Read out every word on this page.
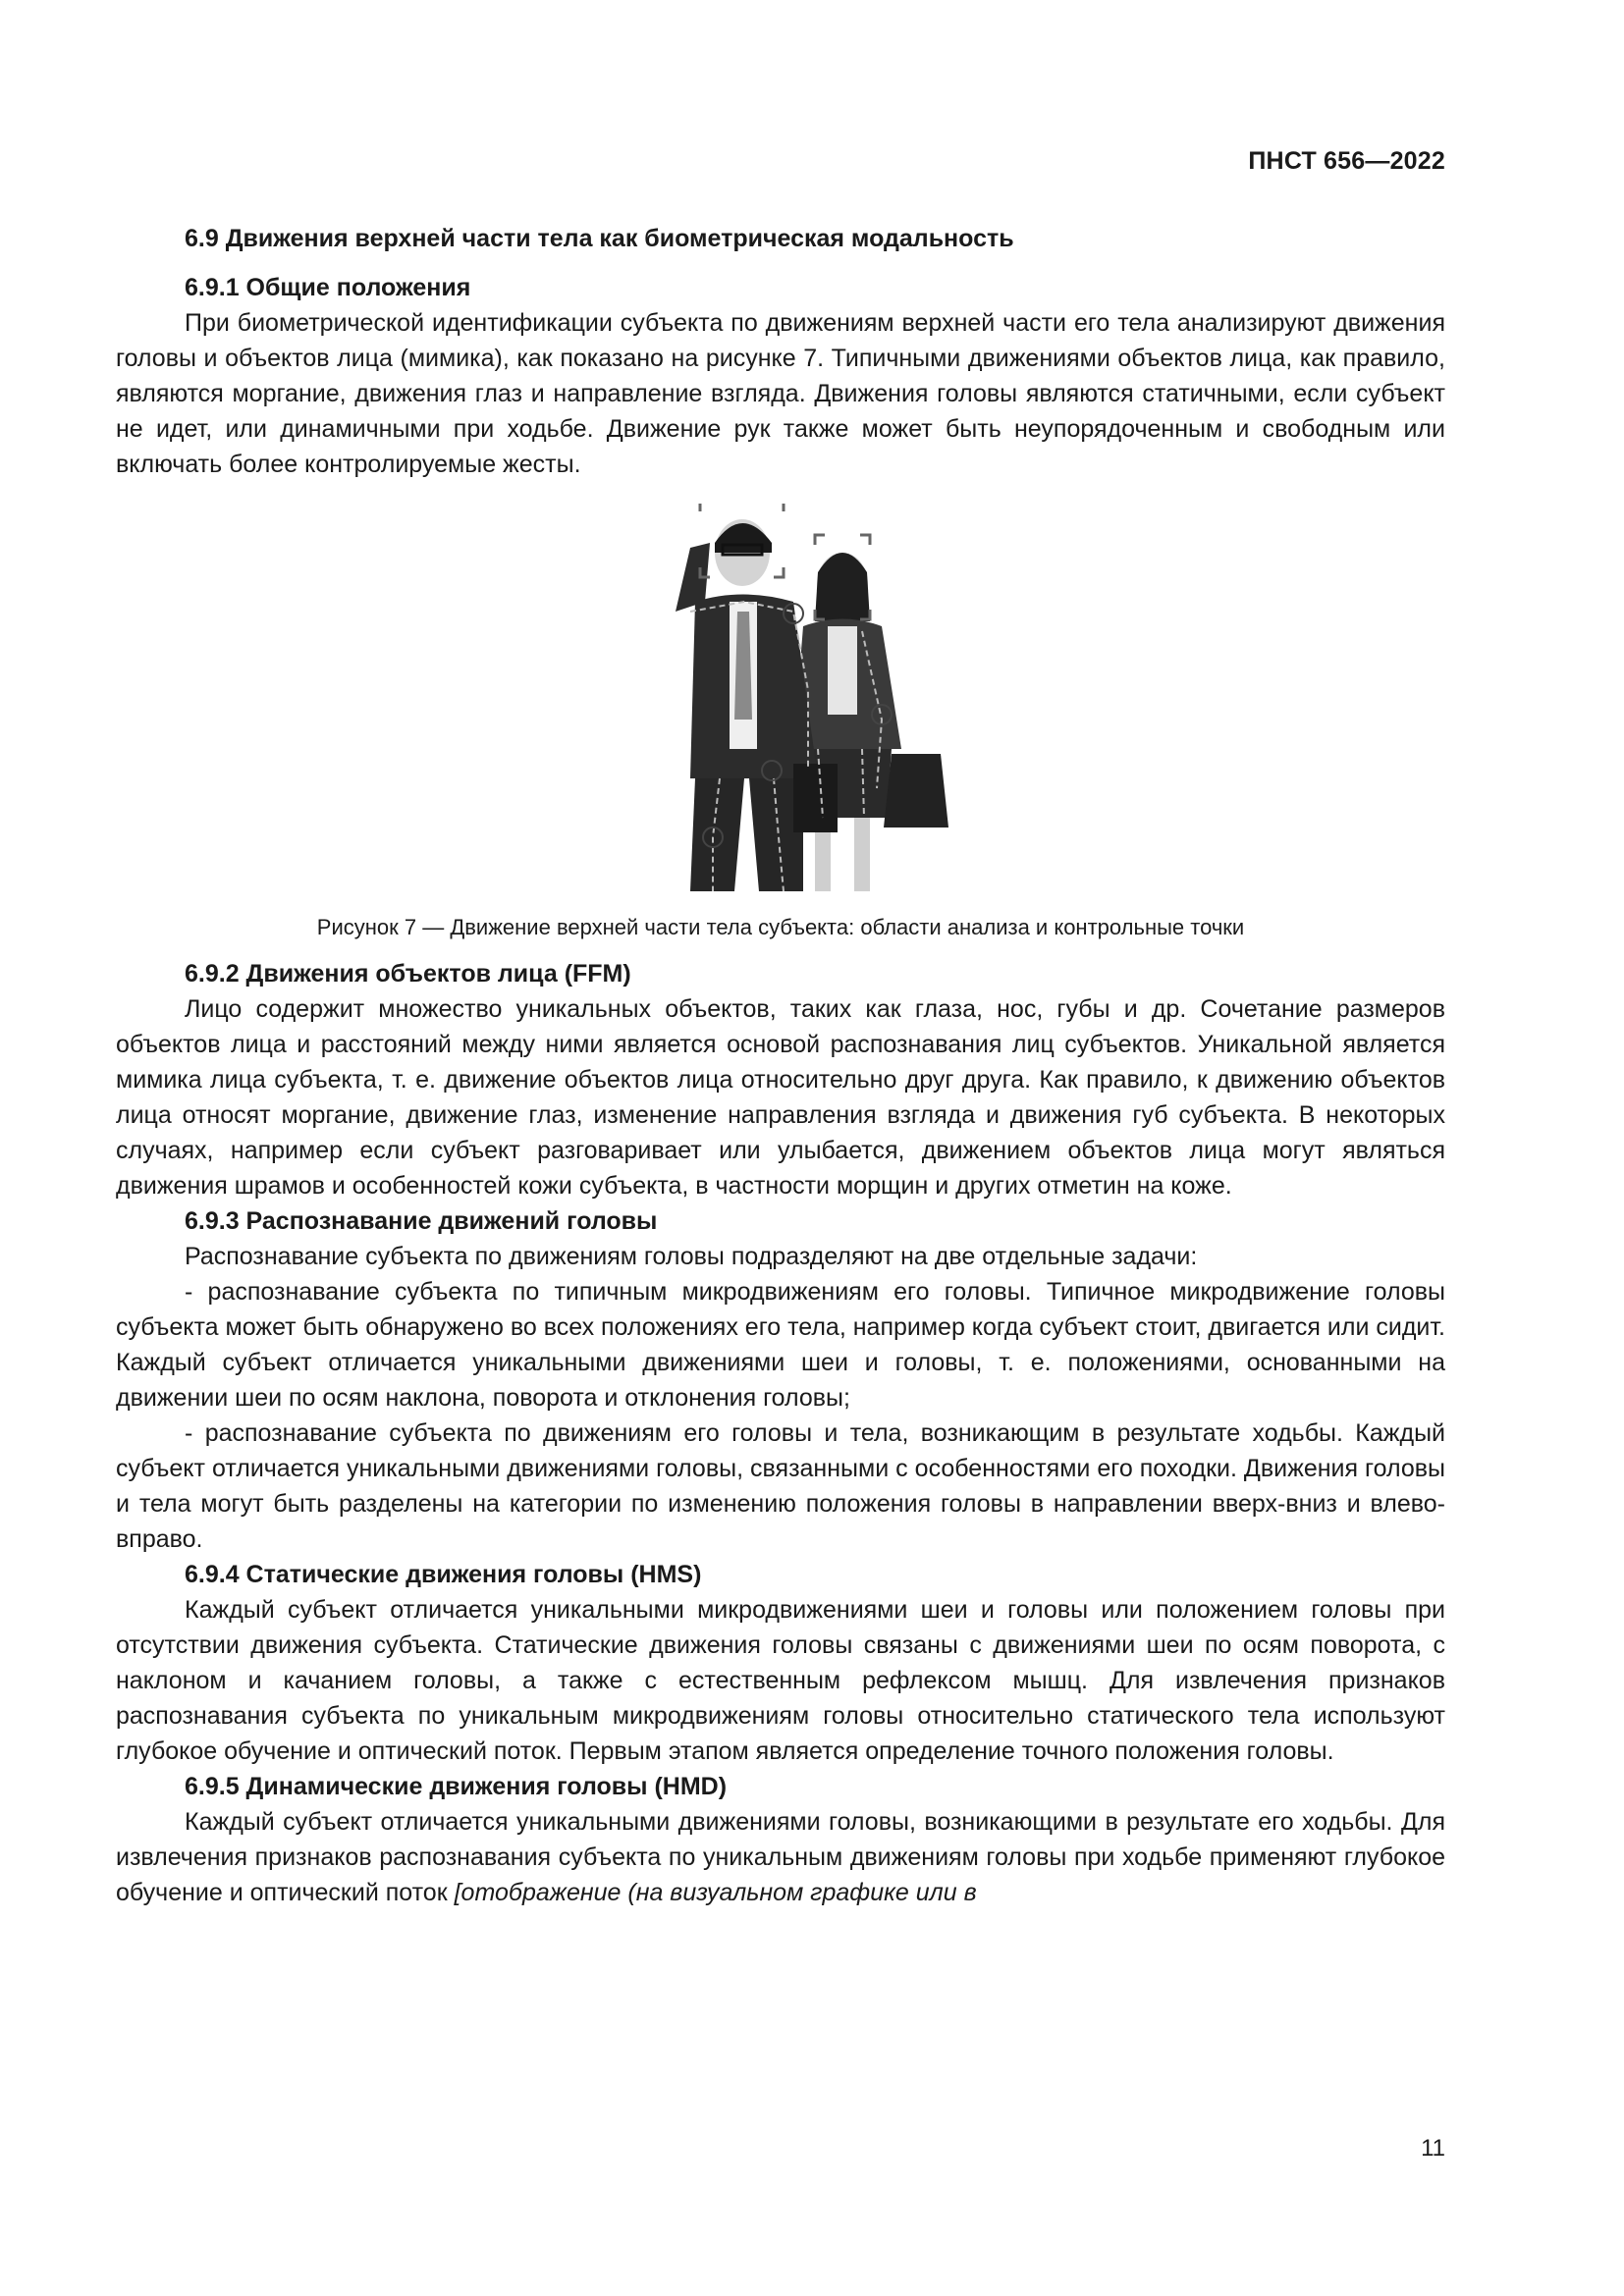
ПНСТ 656—2022

6.9 Движения верхней части тела как биометрическая модальность

6.9.1 Общие положения

При биометрической идентификации субъекта по движениям верхней части его тела анализируют движения головы и объектов лица (мимика), как показано на рисунке 7. Типичными движениями объектов лица, как правило, являются моргание, движения глаз и направление взгляда. Движения головы являются статичными, если субъект не идет, или динамичными при ходьбе. Движение рук также может быть неупорядоченным и свободным или включать более контролируемые жесты.

Рисунок 7 — Движение верхней части тела субъекта: области анализа и контрольные точки

6.9.2 Движения объектов лица (FFM)

Лицо содержит множество уникальных объектов, таких как глаза, нос, губы и др. Сочетание размеров объектов лица и расстояний между ними является основой распознавания лиц субъектов. Уникальной является мимика лица субъекта, т. е. движение объектов лица относительно друг друга. Как правило, к движению объектов лица относят моргание, движение глаз, изменение направления взгляда и движения губ субъекта. В некоторых случаях, например если субъект разговаривает или улыбается, движением объектов лица могут являться движения шрамов и особенностей кожи субъекта, в частности морщин и других отметин на коже.

6.9.3 Распознавание движений головы

Распознавание субъекта по движениям головы подразделяют на две отдельные задачи:

- распознавание субъекта по типичным микродвижениям его головы. Типичное микродвижение головы субъекта может быть обнаружено во всех положениях его тела, например когда субъект стоит, двигается или сидит. Каждый субъект отличается уникальными движениями шеи и головы, т. е. положениями, основанными на движении шеи по осям наклона, поворота и отклонения головы;

- распознавание субъекта по движениям его головы и тела, возникающим в результате ходьбы. Каждый субъект отличается уникальными движениями головы, связанными с особенностями его походки. Движения головы и тела могут быть разделены на категории по изменению положения головы в направлении вверх-вниз и влево-вправо.

6.9.4 Статические движения головы (HMS)

Каждый субъект отличается уникальными микродвижениями шеи и головы или положением головы при отсутствии движения субъекта. Статические движения головы связаны с движениями шеи по осям поворота, с наклоном и качанием головы, а также с естественным рефлексом мышц. Для извлечения признаков распознавания субъекта по уникальным микродвижениям головы относительно статического тела используют глубокое обучение и оптический поток. Первым этапом является определение точного положения головы.

6.9.5 Динамические движения головы (HMD)

Каждый субъект отличается уникальными движениями головы, возникающими в результате его ходьбы. Для извлечения признаков распознавания субъекта по уникальным движениям головы при ходьбе применяют глубокое обучение и оптический поток [отображение (на визуальном графике или в

11
